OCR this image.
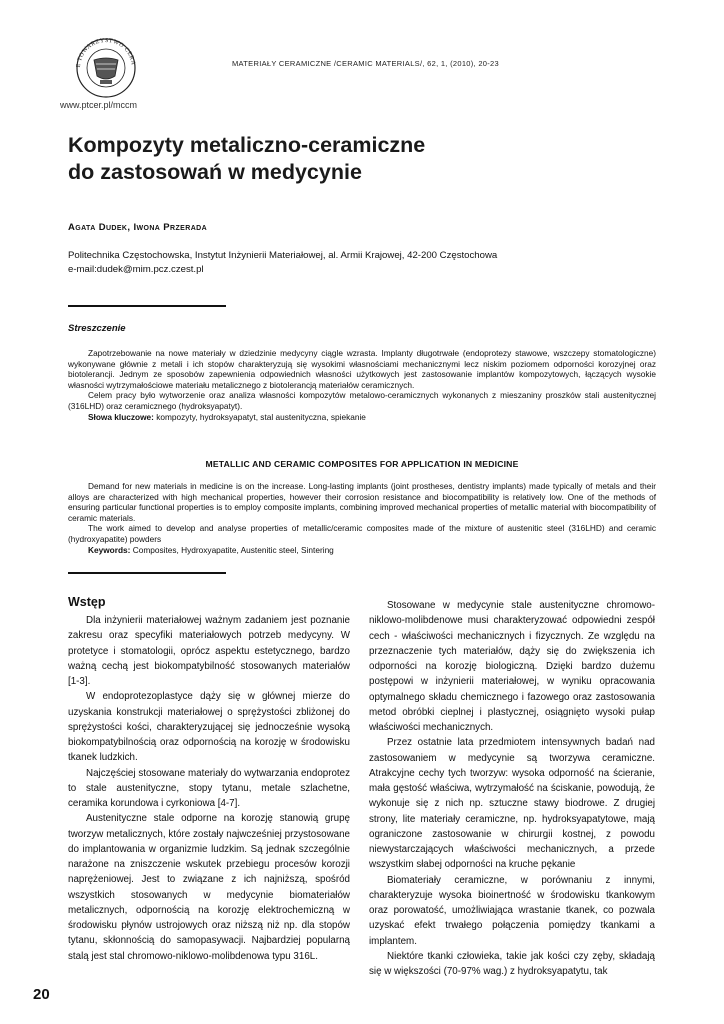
E TOWARZYSTWO CERA
www.ptcer.pl/mccm
MATERIAŁY CERAMICZNE /CERAMIC MATERIALS/, 62, 1, (2010), 20-23
Kompozyty metaliczno-ceramiczne
do zastosowań w medycynie
Agata Dudek, Iwona Przerada
Politechnika Częstochowska, Instytut Inżynierii Materiałowej, al. Armii Krajowej, 42-200 Częstochowa
e-mail:dudek@mim.pcz.czest.pl
Streszczenie

Zapotrzebowanie na nowe materiały w dziedzinie medycyny ciągle wzrasta. Implanty długotrwałe (endoprotezy stawowe, wszczepy stomatologiczne) wykonywane głównie z metali i ich stopów charakteryzują się wysokimi własnościami mechanicznymi lecz niskim poziomem odporności korozyjnej oraz biotolerancji. Jednym ze sposobów zapewnienia odpowiednich własności użytkowych jest zastosowanie implantów kompozytowych, łączących wysokie własności wytrzymałościowe materiału metalicznego z biotolerancją materiałów ceramicznych.

Celem pracy było wytworzenie oraz analiza własności kompozytów metalowo-ceramicznych wykonanych z mieszaniny proszków stali austenitycznej (316LHD) oraz ceramicznego (hydroksyapatyt).

Słowa kluczowe: kompozyty, hydroksyapatyt, stal austenityczna, spiekanie

METALLIC AND CERAMIC COMPOSITES FOR APPLICATION IN MEDICINE

Demand for new materials in medicine is on the increase. Long-lasting implants (joint prostheses, dentistry implants) made typically of metals and their alloys are characterized with high mechanical properties, however their corrosion resistance and biocompatibility is relatively low. One of the methods of ensuring particular functional properties is to employ composite implants, combining improved mechanical properties of metallic material with biocompatibility of ceramic materials.

The work aimed to develop and analyse properties of metallic/ceramic composites made of the mixture of austenitic steel (316LHD) and ceramic (hydroxyapatite) powders

Keywords: Composites, Hydroxyapatite, Austenitic steel, Sintering

Wstęp

Dla inżynierii materiałowej ważnym zadaniem jest poznanie zakresu oraz specyfiki materiałowych potrzeb medycyny. W protetyce i stomatologii, oprócz aspektu estetycznego, bardzo ważną cechą jest biokompatybilność stosowanych materiałów [1-3].

W endoprotezoplastyce dąży się w głównej mierze do uzyskania konstrukcji materiałowej o sprężystości zbliżonej do sprężystości kości, charakteryzującej się jednocześnie wysoką biokompatybilnością oraz odpornością na korozję w środowisku tkanek ludzkich.

Najczęściej stosowane materiały do wytwarzania endoprotez to stale austenityczne, stopy tytanu, metale szlachetne, ceramika korundowa i cyrkoniowa [4-7].

Austenityczne stale odporne na korozję stanowią grupę tworzyw metalicznych, które zostały najwcześniej przystosowane do implantowania w organizmie ludzkim. Są jednak szczególnie narażone na zniszczenie wskutek przebiegu procesów korozji naprężeniowej. Jest to związane z ich najniższą, spośród wszystkich stosowanych w medycynie biomateriałów metalicznych, odpornością na korozję elektrochemiczną w środowisku płynów ustrojowych oraz niższą niż np. dla stopów tytanu, skłonnością do samopasywacji. Najbardziej popularną stalą jest stal chromowo-niklowo-molibdenowa typu 316L.

Stosowane w medycynie stale austenityczne chromowo-niklowo-molibdenowe musi charakteryzować odpowiedni zespół cech - właściwości mechanicznych i fizycznych. Ze względu na przeznaczenie tych materiałów, dąży się do zwiększenia ich odporności na korozję biologiczną. Dzięki bardzo dużemu postępowi w inżynierii materiałowej, w wyniku opracowania optymalnego składu chemicznego i fazowego oraz zastosowania metod obróbki cieplnej i plastycznej, osiągnięto wysoki pułap właściwości mechanicznych.

Przez ostatnie lata przedmiotem intensywnych badań nad zastosowaniem w medycynie są tworzywa ceramiczne. Atrakcyjne cechy tych tworzyw: wysoka odporność na ścieranie, mała gęstość właściwa, wytrzymałość na ściskanie, powodują, że wykonuje się z nich np. sztuczne stawy biodrowe. Z drugiej strony, lite materiały ceramiczne, np. hydroksyapatytowe, mają ograniczone zastosowanie w chirurgii kostnej, z powodu niewystarczających właściwości mechanicznych, a przede wszystkim słabej odporności na kruche pękanie

Biomateriały ceramiczne, w porównaniu z innymi, charakteryzuje wysoka bioinertność w środowisku tkankowym oraz porowatość, umożliwiająca wrastanie tkanek, co pozwala uzyskać efekt trwałego połączenia pomiędzy tkankami a implantem.

Niektóre tkanki człowieka, takie jak kości czy zęby, składają się w większości (70-97% wag.) z hydroksyapatytu, tak

20
